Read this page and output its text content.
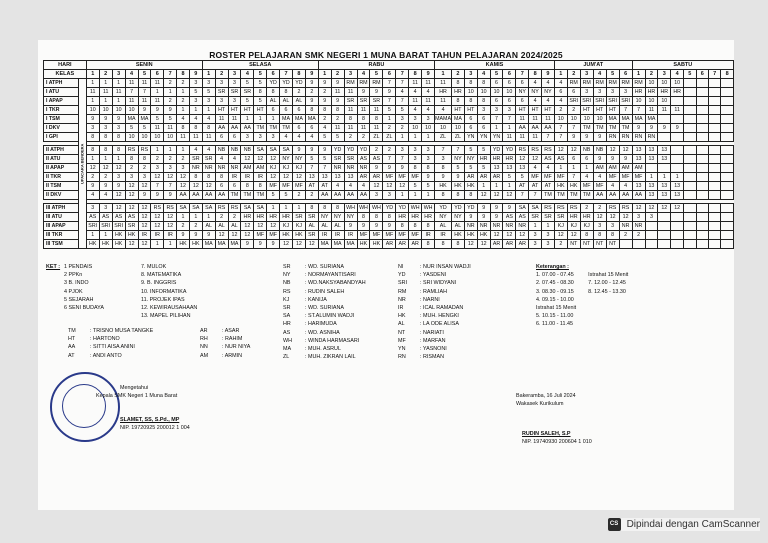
ROSTER PELAJARAN SMK NEGERI 1 MUNA BARAT TAHUN PELAJARAN 2024/2025
HARI		SENIN									SELASA									RABU									KAMIS									JUM'AT						SABTU							
KELAS		1	2	3	4	5	6	7	8	9	1	2	3	4	5	6	7	8	9	1	2	3	4	5	6	7	8	9	1	2	3	4	5	6	7	8	9	1	2	3	4	5	6	1	2	3	4	5	6	7	8
I ATPH	UPACARA BENDERA	1	1	1	11	11	11	2	2	3	3	3	3	5	5	YD	YD	YD	9	9	9	RM	RM	RM	7	7	11	11	11	8	8	8	6	6	6	4	4	4	RM	RM	RM	RM	RM	RM	10	10	10				
I ATU		11	11	11	7	7	1	1	1	5	5	SR	SR	SR	8	8	8	2	2	2	11	11	9	9	9	4	4	4	HR	HR	10	10	10	10	NY	NY	NY	6	6	3	3	3	3	HR	HR	HR	HR				
I APAP		1	1	1	11	11	11	2	2	3	3	3	3	5	5	AL	AL	AL	9	9	9	SR	SR	SR	7	7	11	11	11	8	8	8	6	6	6	4	4	4	SRI	SRI	SRI	SRI	SRI	10	10	10					
I TKR		10	10	10	10	9	9	9	1	1	1	HT	HT	HT	HT	6	6	6	8	8	8	11	11	11	5	5	4	4	4	HT	HT	3	3	3	HT	HT	HT	2	2	HT	HT	HT	7	7	11	11	11				
I TSM		9	9	9	MA	MA	5	5	4	4	4	11	11	1	1	1	MA	MA	MA	2	2	8	8	8	1	3	3	3	MAMA	MA	6	6	7	7	11	11	11	10	10	10	10	MA	MA	MA	MA						
I DKV		3	3	3	5	5	11	11	8	8	8	AA	AA	AA	TM	TM	TM	6	6	4	11	11	11	11	2	2	10	10	10	10	6	6	1	1	AA	AA	AA	7	7	TM	TM	TM	TM	9	9	9	9				
I GPI		8	8	8	10	10	10	10	11	11	11	6	6	3	3	3	4	4	4	5	5	2	2	ZL	ZL	1	1	1	ZL	ZL	YN	YN	YN	11	11	11	7	7	9	9	9	RN	RN	RN	RN						

II ATPH		8	8	8	RS	RS	1	1	1	4	4	NB	NB	NB	SA	SA	SA	9	9	9	YD	YD	YD	2	2	3	3	3	7	7	5	5	YD	YD	RS	RS	RS	12	12	NB	NB	12	12	13	13	13					
II ATU		1	1	1	8	8	2	2	2	SR	SR	4	4	12	12	12	NY	NY	5	5	SR	SR	AS	AS	7	7	3	3	3	NY	NY	HR	HR	HR	12	12	AS	AS	6	6	9	9	9	13	13	13					
II APAP		12	12	12	2	2	3	3	3	NR	NR	NR	NR	AM	AM	KJ	KJ	KJ	7	7	NR	NR	NR	9	9	9	8	8	8	5	5	5	13	13	13	4	4	1	1	1	AM	AM	AM	AM							
II TKR		2	2	3	3	3	12	12	12	8	8	8	IR	IR	IR	12	12	12	13	13	13	13	AR	AR	MF	MF	MF	9	9	9	AR	AR	AR	5	5	MF	MF	MF	7	4	4	MF	MF	MF	1	1	1				
II TSM		9	9	9	12	12	7	7	12	12	12	6	6	8	8	MF	MF	MF	AT	AT	4	4	4	12	12	12	5	5	HK	HK	HK	1	1	1	AT	AT	AT	HK	HK	MF	MF	4	4	13	13	13	13				
II DKV		4	4	12	12	9	9	9	AA	AA	AA	AA	TM	TM	TM	5	5	2	2	AA	AA	AA	AA	3	3	1	1	1	8	8	8	12	12	12	7	7	TM	TM	TM	TM	AA	AA	AA	AA	13	13	13				

III ATPH		3	3	12	12	12	RS	RS	SA	SA	SA	RS	RS	SA	SA	1	1	1	8	8	8	WH	WH	WH	YD	YD	WH	WH	YD	YD	YD	9	9	9	SA	SA	RS	RS	RS	2	2	RS	RS	12	12	12	12				
III ATU		AS	AS	AS	AS	12	12	12	1	1	1	2	2	HR	HR	HR	HR	SR	SR	NY	NY	NY	8	8	8	HR	HR	HR	NY	NY	9	9	9	AS	AS	SR	SR	SR	HR	HR	12	12	12	3	3						
III APAP		SRI	SRI	SRI	SR	12	12	12	2	2	AL	AL	AL	12	12	12	KJ	KJ	AL	AL	AL	9	9	9	9	8	8	8	AL	AL	NR	NR	NR	NR	NR	1	1	KJ	KJ	KJ	3	3	NR	NR							
III TKR		1	1	HK	HK	IR	IR	IR	9	9	9	12	12	12	MF	MF	HK	HK	SR	IR	IR	IR	MF	MF	MF	MF	MF	IR	IR	HK	HK	HK	12	12	12	3	3	12	12	8	8	8	2	2							
III TSM		HK	HK	HK	12	12	1	1	HK	HK	MA	MA	MA	9	9	9	12	12	12	MA	MA	MA	HK	HK	AR	AR	AR	8	8	8	12	12	AR	AR	AR	3	3	2	NT	NT	NT	NT									
KET : 1 PENDAIS
2 PPKn
3 B. INDO
4 PJOK
5 SEJARAH
6 SENI BUDAYA
7. MULOK
8. MATEMATIKA
9. B. INGGRIS
10. INFORMATIKA
11. PROJEK IPAS
12. KEWIRAUSAHAAN
13. MAPEL PILIHAN
TM	: TRISNO MUSA TANGKE	AR	: ASAR
HT	: HARTONO	RH	: RAHIM
AA	: SITTI AISA ANINI	NN	: NUR NIYA
AT	: ANDI ANTO	AM	: ARMIN
SR	: WD. SURIANA
NY	: NORMAYANTISARI
NB	: WD.NAKSYABANDYAH
RS	: RUDIN SALEH
KJ	: KANIJA
SR	: WD. SURIANA
SA	: ST.ALUMIN WADJI
HR	: HARIMUDA
AS	: WD. ASNIHA
WH : WINDA HARMASARI
MA	: MUH. ASRUL
ZL	: MUH. ZIKRAN LAIL
NI	: NUR INSAN WADJI
YD	: YASDENI
SRI : SRI WIDYANI
RM	: RAMLIAH
NR	: NARNI
IR	: ICAL RAMADAN
HK	: MUH. HENGKI
AL	: LA ODE ALISA
NT	: NARIATI
MF	: MARFAN
YN	: YASNONI
RN	: RISMAN
Keterangan :
1. 07.00 - 07.45
2. 07.45 - 08.30
3. 08.30 - 09.15
4. 09.15 - 10.00
Istrahat 15 Menit
5. 10.15 - 11.00
6. 11.00 - 11.45
Istrahat 15 Menit
7. 12.00 - 12.45
8. 12.45 - 13.30
Mengetahui
Kepala SMK Negeri 1 Muna Barat
SLAMET, SS, S.Pd., MP
NIP. 19720925 200012 1 004
Bakeramba, 16 Juli 2024
Wakasek Kurikulum
RUDIN SALEH, S.P
NIP. 19740930 200604 1 010
CS Dipindai dengan CamScanner
